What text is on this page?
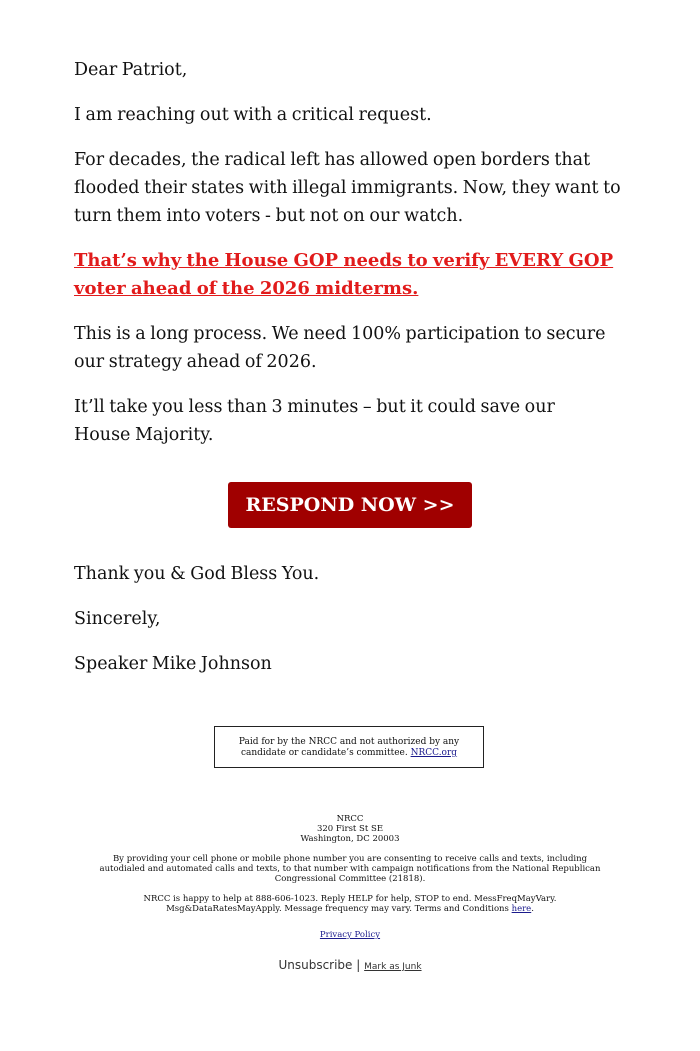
Dear Patriot,

I am reaching out with a critical request.

For decades, the radical left has allowed open borders that flooded their states with illegal immigrants. Now, they want to turn them into voters - but not on our watch.

That’s why the House GOP needs to verify EVERY GOP voter ahead of the 2026 midterms.

This is a long process. We need 100% participation to secure our strategy ahead of 2026.

It’ll take you less than 3 minutes – but it could save our House Majority.

Thank you & God Bless You.

Sincerely,

Speaker Mike Johnson

RESPOND NOW >>
Paid for by the NRCC and not authorized by any candidate or candidate’s committee. NRCC.org
NRCC
320 First St SE
Washington, DC 20003
By providing your cell phone or mobile phone number you are consenting to receive calls and texts, including autodialed and automated calls and texts, to that number with campaign notifications from the National Republican Congressional Committee (21818).
NRCC is happy to help at 888-606-1023. Reply HELP for help, STOP to end. MessFreqMayVary. Msg&DataRatesMayApply. Message frequency may vary. Terms and Conditions here.
Privacy Policy
Unsubscribe | Mark as Junk
